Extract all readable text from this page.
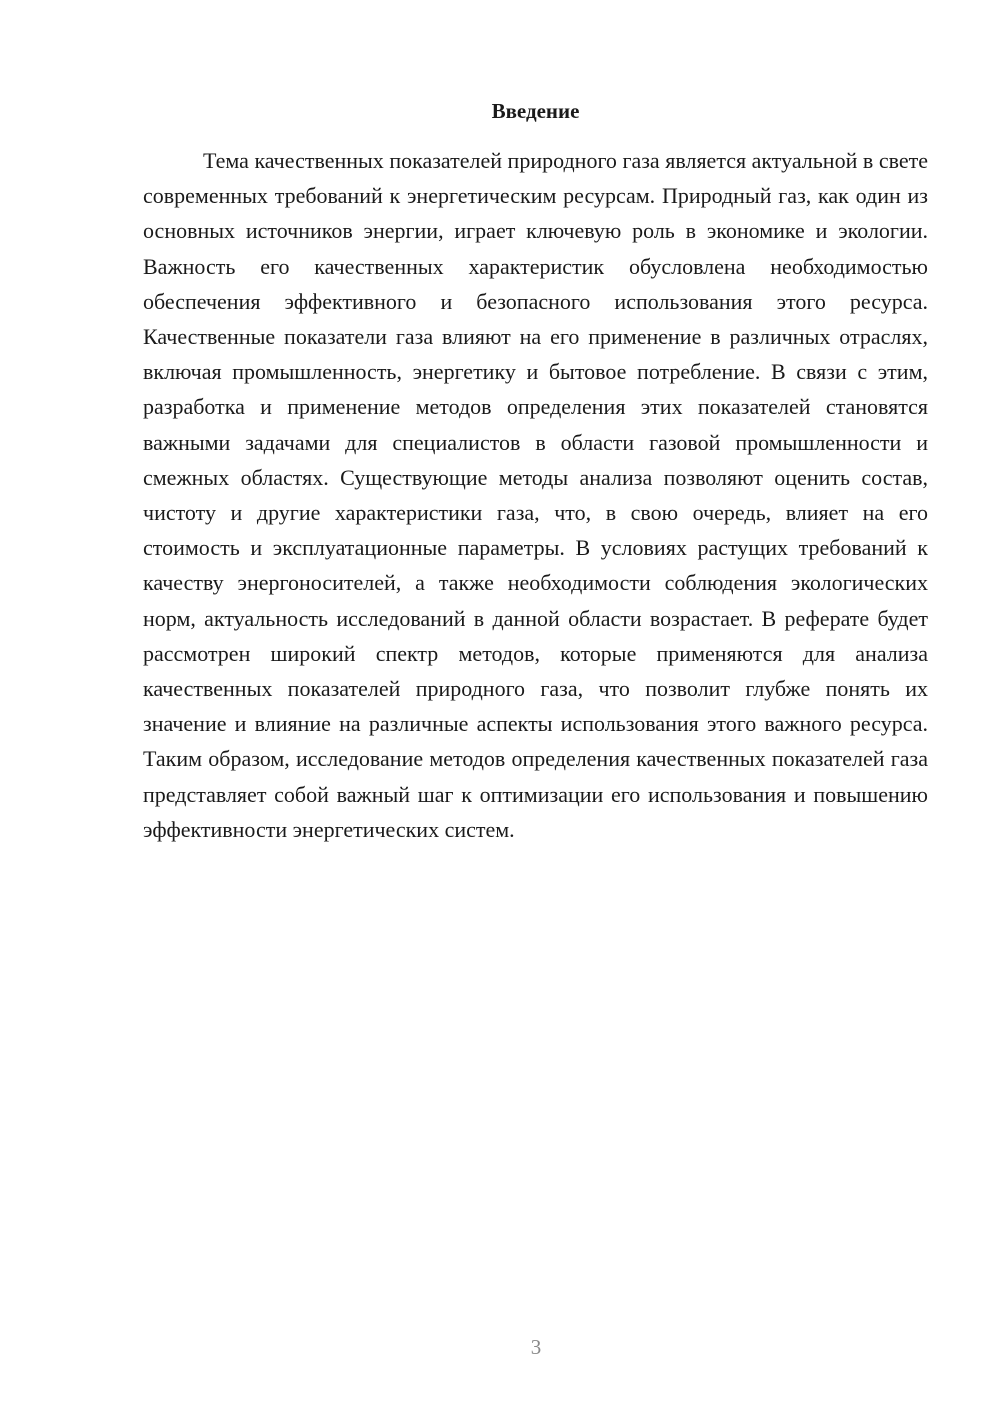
Введение

Тема качественных показателей природного газа является актуальной в свете современных требований к энергетическим ресурсам. Природный газ, как один из основных источников энергии, играет ключевую роль в экономике и экологии. Важность его качественных характеристик обусловлена необходимостью обеспечения эффективного и безопасного использования этого ресурса. Качественные показатели газа влияют на его применение в различных отраслях, включая промышленность, энергетику и бытовое потребление. В связи с этим, разработка и применение методов определения этих показателей становятся важными задачами для специалистов в области газовой промышленности и смежных областях. Существующие методы анализа позволяют оценить состав, чистоту и другие характеристики газа, что, в свою очередь, влияет на его стоимость и эксплуатационные параметры. В условиях растущих требований к качеству энергоносителей, а также необходимости соблюдения экологических норм, актуальность исследований в данной области возрастает. В реферате будет рассмотрен широкий спектр методов, которые применяются для анализа качественных показателей природного газа, что позволит глубже понять их значение и влияние на различные аспекты использования этого важного ресурса. Таким образом, исследование методов определения качественных показателей газа представляет собой важный шаг к оптимизации его использования и повышению эффективности энергетических систем.

3
